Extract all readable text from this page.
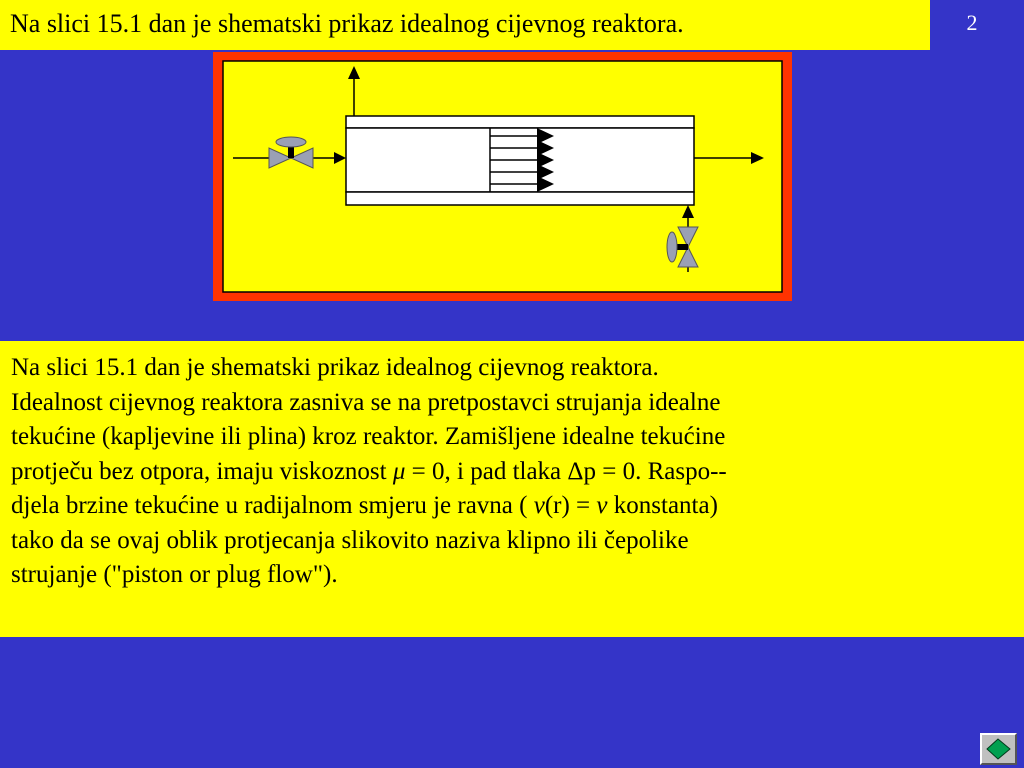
Na slici 15.1 dan je shematski prikaz idealnog cijevnog reaktora.	2
Na slici 15.1 dan je shematski prikaz idealnog cijevnog reaktora.
Idealnost cijevnog reaktora zasniva se na pretpostavci strujanja idealne
tekućine (kapljevine ili plina) kroz reaktor. Zamišljene idealne tekućine
protječu bez otpora, imaju viskoznost μ = 0, i pad tlaka Δp = 0. Raspo--
djela brzine tekućine u radijalnom smjeru je ravna ( v(r) = v konstanta)
tako da se ovaj oblik protjecanja slikovito naziva klipno ili čepolike
strujanje ("piston or plug flow").
